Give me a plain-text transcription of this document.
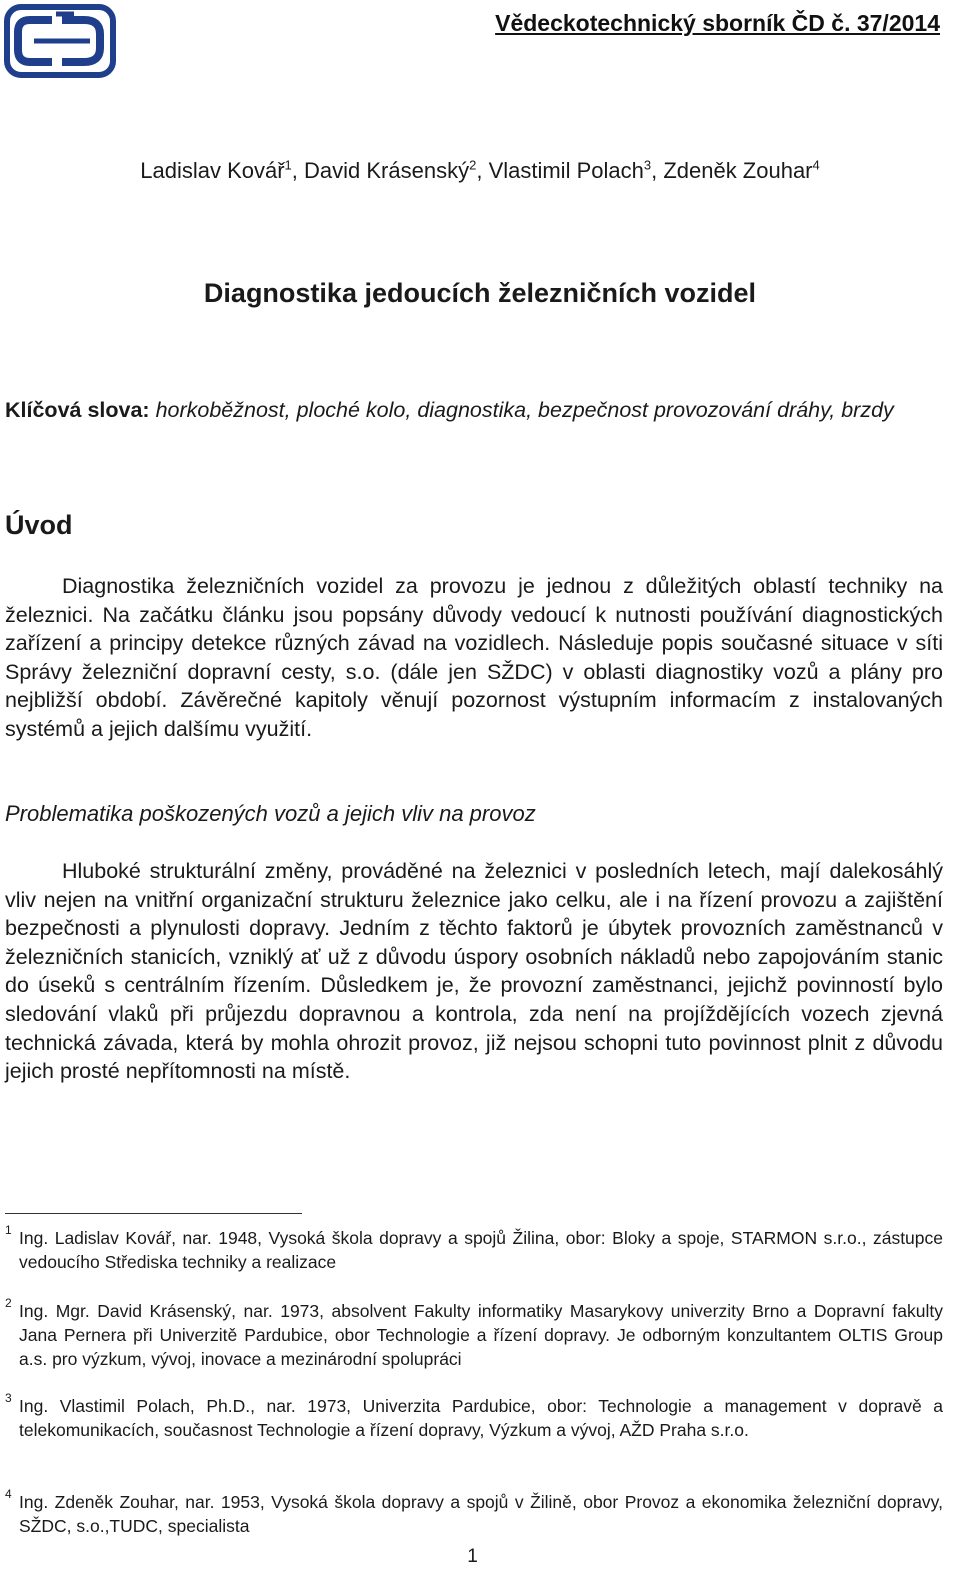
Vědeckotechnický sborník ČD č. 37/2014
Ladislav Kovář$^1$, David Krásenský$^2$, Vlastimil Polach$^3$, Zdeněk Zouhar$^4$
Diagnostika jedoucích železničních vozidel
Klíčová slova: horkoběžnost, ploché kolo, diagnostika, bezpečnost provozování dráhy, brzdy
Úvod

Diagnostika železničních vozidel za provozu je jednou z důležitých oblastí techniky na železnici. Na začátku článku jsou popsány důvody vedoucí k nutnosti používání diagnostických zařízení a principy detekce různých závad na vozidlech. Následuje popis současné situace v síti Správy železniční dopravní cesty, s.o. (dále jen SŽDC) v oblasti diagnostiky vozů a plány pro nejbližší období. Závěrečné kapitoly věnují pozornost výstupním informacím z instalovaných systémů a jejich dalšímu využití.

Problematika poškozených vozů a jejich vliv na provoz

Hluboké strukturální změny, prováděné na železnici v posledních letech, mají dalekosáhlý vliv nejen na vnitřní organizační strukturu železnice jako celku, ale i na řízení provozu a zajištění bezpečnosti a plynulosti dopravy. Jedním z těchto faktorů je úbytek provozních zaměstnanců v železničních stanicích, vzniklý ať už z důvodu úspory osobních nákladů nebo zapojováním stanic do úseků s centrálním řízením. Důsledkem je, že provozní zaměstnanci, jejichž povinností bylo sledování vlaků při průjezdu dopravnou a kontrola, zda není na projíždějících vozech zjevná technická závada, která by mohla ohrozit provoz, již nejsou schopni tuto povinnost plnit z důvodu jejich prosté nepřítomnosti na místě.

1 Ing. Ladislav Kovář, nar. 1948, Vysoká škola dopravy a spojů Žilina, obor: Bloky a spoje, STARMON s.r.o., zástupce vedoucího Střediska techniky a realizace
2 Ing. Mgr. David Krásenský, nar. 1973, absolvent Fakulty informatiky Masarykovy univerzity Brno a Dopravní fakulty Jana Pernera při Univerzitě Pardubice, obor Technologie a řízení dopravy. Je odborným konzultantem OLTIS Group a.s. pro výzkum, vývoj, inovace a mezinárodní spolupráci
3 Ing. Vlastimil Polach, Ph.D., nar. 1973, Univerzita Pardubice, obor: Technologie a management v dopravě a telekomunikacích, současnost Technologie a řízení dopravy, Výzkum a vývoj, AŽD Praha s.r.o.
4 Ing. Zdeněk Zouhar, nar. 1953, Vysoká škola dopravy a spojů v Žilině, obor Provoz a ekonomika železniční dopravy, SŽDC, s.o.,TUDC, specialista
1
